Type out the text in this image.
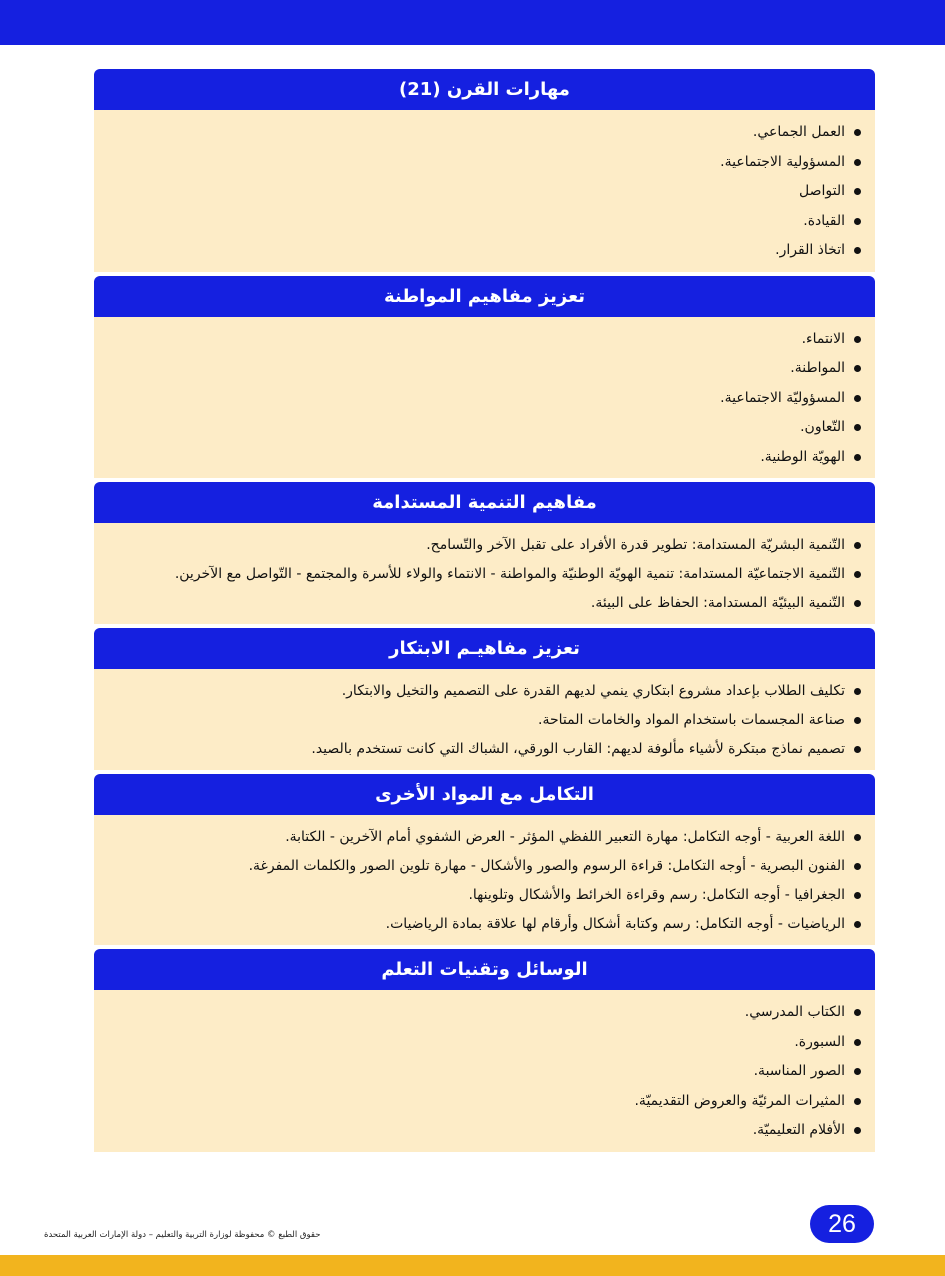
مهارات القرن (21)
العمل الجماعي.
المسؤولية الاجتماعية.
التواصل
القيادة.
اتخاذ القرار.
تعزيز مفاهيم المواطنة
الانتماء.
المواطنة.
المسؤوليّة الاجتماعية.
التّعاون.
الهويّة الوطنية.
مفاهيم التنمية المستدامة
التّنمية البشريّة المستدامة: تطوير قدرة الأفراد على تقبل الآخر والتّسامح.
التّنمية الاجتماعيّة المستدامة: تنمية الهويّة الوطنيّة والمواطنة - الانتماء والولاء للأسرة والمجتمع - التّواصل مع الآخرين.
التّنمية البيئيّة المستدامة: الحفاظ على البيئة.
تعزيز مفاهيـم الابتكار
تكليف الطلاب بإعداد مشروع ابتكاري ينمي لديهم القدرة على التصميم والتخيل والابتكار.
صناعة المجسمات باستخدام المواد والخامات المتاحة.
تصميم نماذج مبتكرة لأشياء مألوفة لديهم: القارب الورقي، الشباك التي كانت تستخدم بالصيد.
التكامل مع المواد الأخرى
اللغة العربية - أوجه التكامل: مهارة التعبير اللفظي المؤثر - العرض الشفوي أمام الآخرين - الكتابة.
الفنون البصرية - أوجه التكامل: قراءة الرسوم والصور والأشكال - مهارة تلوين الصور والكلمات المفرغة.
الجغرافيا - أوجه التكامل: رسم وقراءة الخرائط والأشكال وتلوينها.
الرياضيات - أوجه التكامل: رسم وكتابة أشكال وأرقام لها علاقة بمادة الرياضيات.
الوسائل وتقنيات التعلم
الكتاب المدرسي.
السبورة.
الصور المناسبة.
المثيرات المرئيّة والعروض التقديميّة.
الأفلام التعليميّة.
26
حقوق الطبع © محفوظة لوزارة التربية والتعليم – دولة الإمارات العربية المتحدة
